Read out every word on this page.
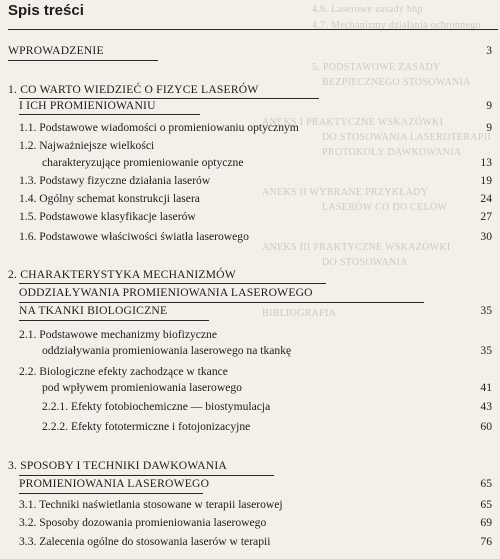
4.6. Laserowe zasady bhp
4.7. Mechanizmy działania ochronnego
5. PODSTAWOWE ZASADY
BEZPIECZNEGO STOSOWANIA
ANEKS I PRAKTYCZNE WSKAZÓWKI
DO STOSOWANIA LASEROTERAPII
PROTOKOŁY DAWKOWANIA
ANEKS II WYBRANE PRZYKŁADY
LASERÓW CO DO CELÓW
ANEKS III PRAKTYCZNE WSKAZÓWKI
DO STOSOWANIA
BIBLIOGRAFIA
Spis treści
WPROWADZENIE	3
1. CO WARTO WIEDZIEĆ O FIZYCE LASERÓW
I ICH PROMIENIOWANIU	9
1.1. Podstawowe wiadomości o promieniowaniu optycznym	9
1.2. Najważniejsze wielkości
charakteryzujące promieniowanie optyczne	13
1.3. Podstawy fizyczne działania laserów	19
1.4. Ogólny schemat konstrukcji lasera	24
1.5. Podstawowe klasyfikacje laserów	27
1.6. Podstawowe właściwości światła laserowego	30
2. CHARAKTERYSTYKA MECHANIZMÓW
ODDZIAŁYWANIA PROMIENIOWANIA LASEROWEGO
NA TKANKI BIOLOGICZNE	35
2.1. Podstawowe mechanizmy biofizyczne
oddziaływania promieniowania laserowego na tkankę	35
2.2. Biologiczne efekty zachodzące w tkance
pod wpływem promieniowania laserowego	41
2.2.1. Efekty fotobiochemiczne — biostymulacja	43
2.2.2. Efekty fototermiczne i fotojonizacyjne	60
3. SPOSOBY I TECHNIKI DAWKOWANIA
PROMIENIOWANIA LASEROWEGO	65
3.1. Techniki naświetlania stosowane w terapii laserowej	65
3.2. Sposoby dozowania promieniowania laserowego	69
3.3. Zalecenia ogólne do stosowania laserów w terapii	76
